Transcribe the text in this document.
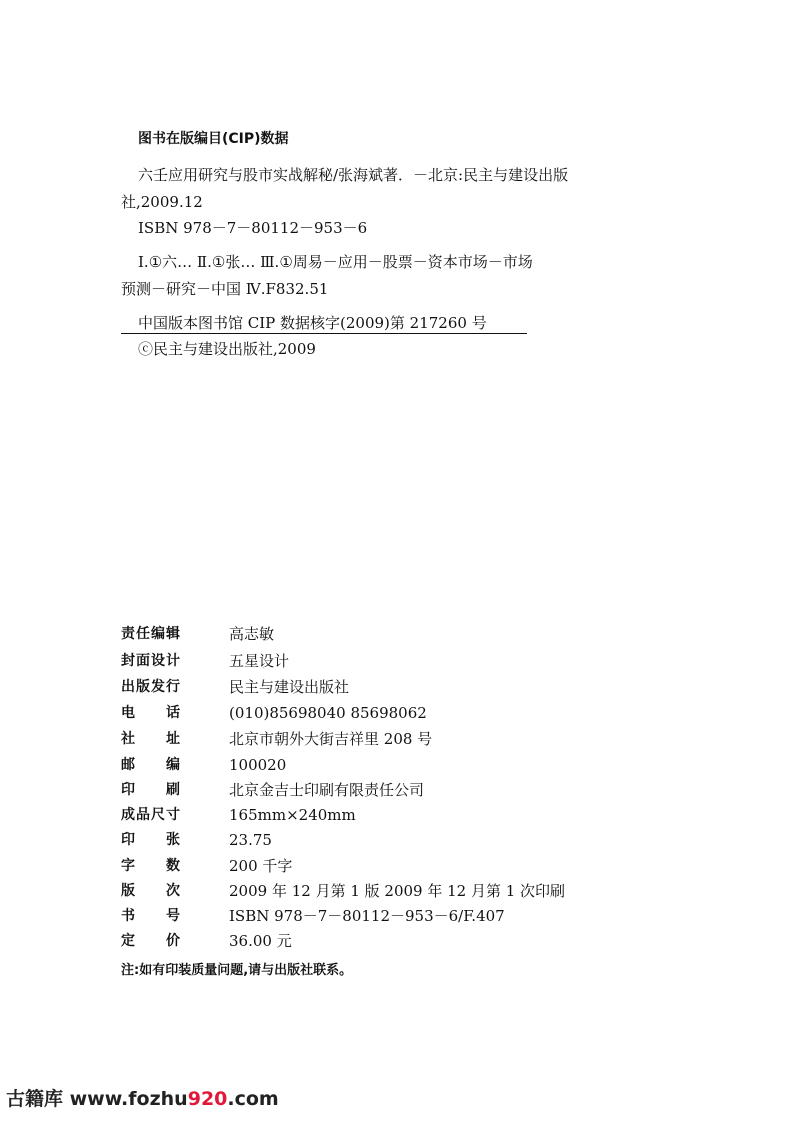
图书在版编目(CIP)数据
六壬应用研究与股市实战解秘/张海斌著．－北京:民主与建设出版
社,2009.12
ISBN 978－7－80112－953－6
Ⅰ.①六… Ⅱ.①张… Ⅲ.①周易－应用－股票－资本市场－市场
预测－研究－中国 Ⅳ.F832.51
中国版本图书馆 CIP 数据核字(2009)第 217260 号
ⓒ民主与建设出版社,2009
责任编辑	高志敏
封面设计	五星设计
出版发行	民主与建设出版社
电　　话	(010)85698040 85698062
社　　址	北京市朝外大街吉祥里 208 号
邮　　编	100020
印　　刷	北京金吉士印刷有限责任公司
成品尺寸	165mm×240mm
印　　张	23.75
字　　数	200 千字
版　　次	2009 年 12 月第 1 版 2009 年 12 月第 1 次印刷
书　　号	ISBN 978－7－80112－953－6/F.407
定　　价	36.00 元
注:如有印装质量问题,请与出版社联系。
古籍库 www.fozhu920.com
